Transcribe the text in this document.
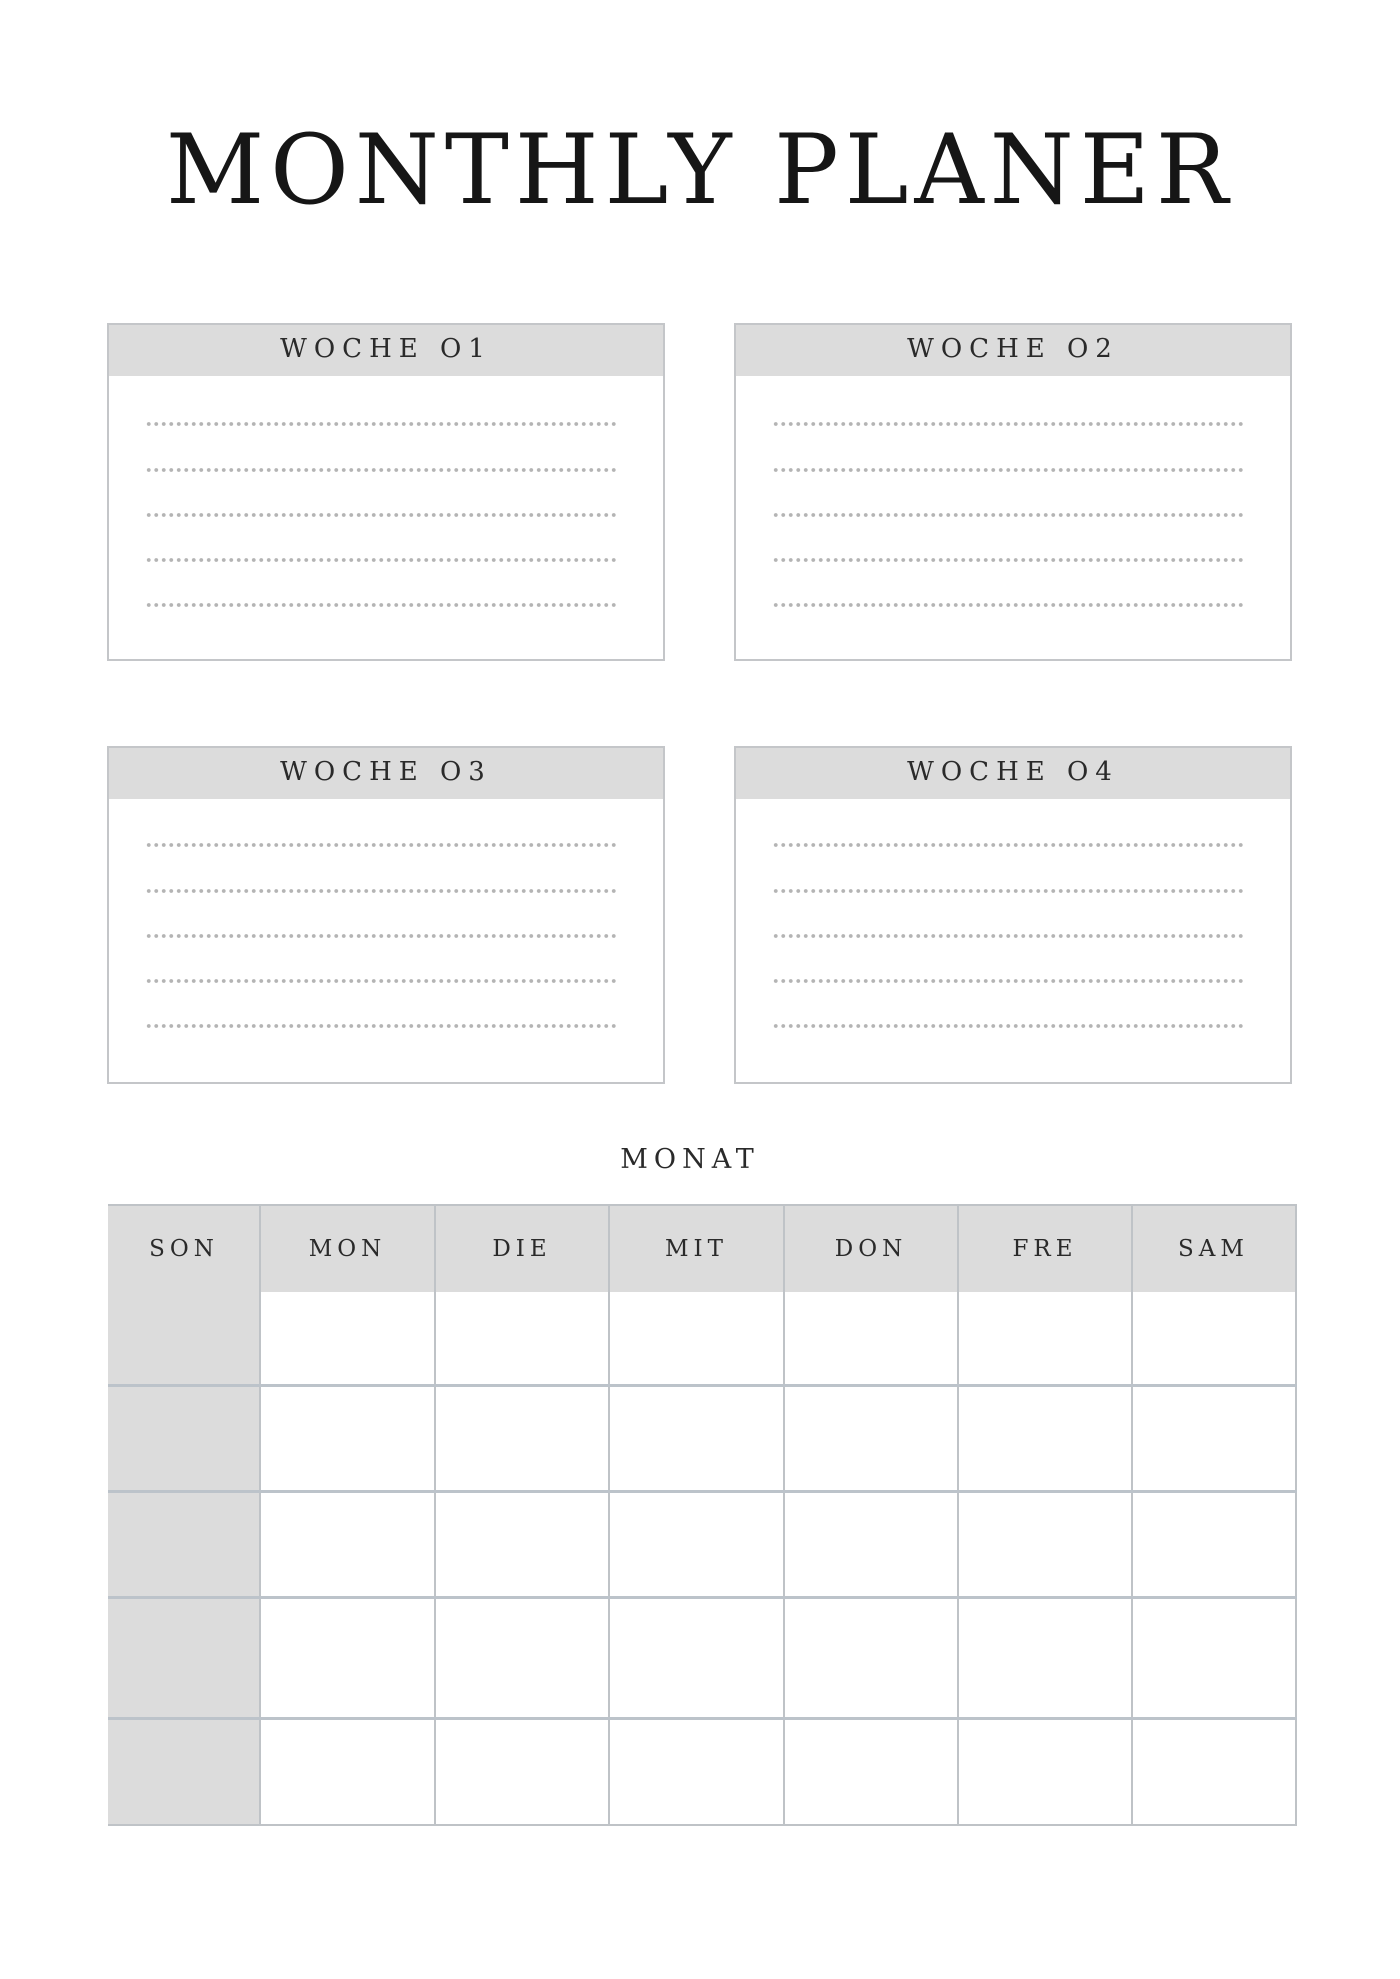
MONTHLY PLANER
WOCHE O1	WOCHE O2
WOCHE O3	WOCHE O4
MONAT
SON	MON	DIE	MIT	DON	FRE	SAM
